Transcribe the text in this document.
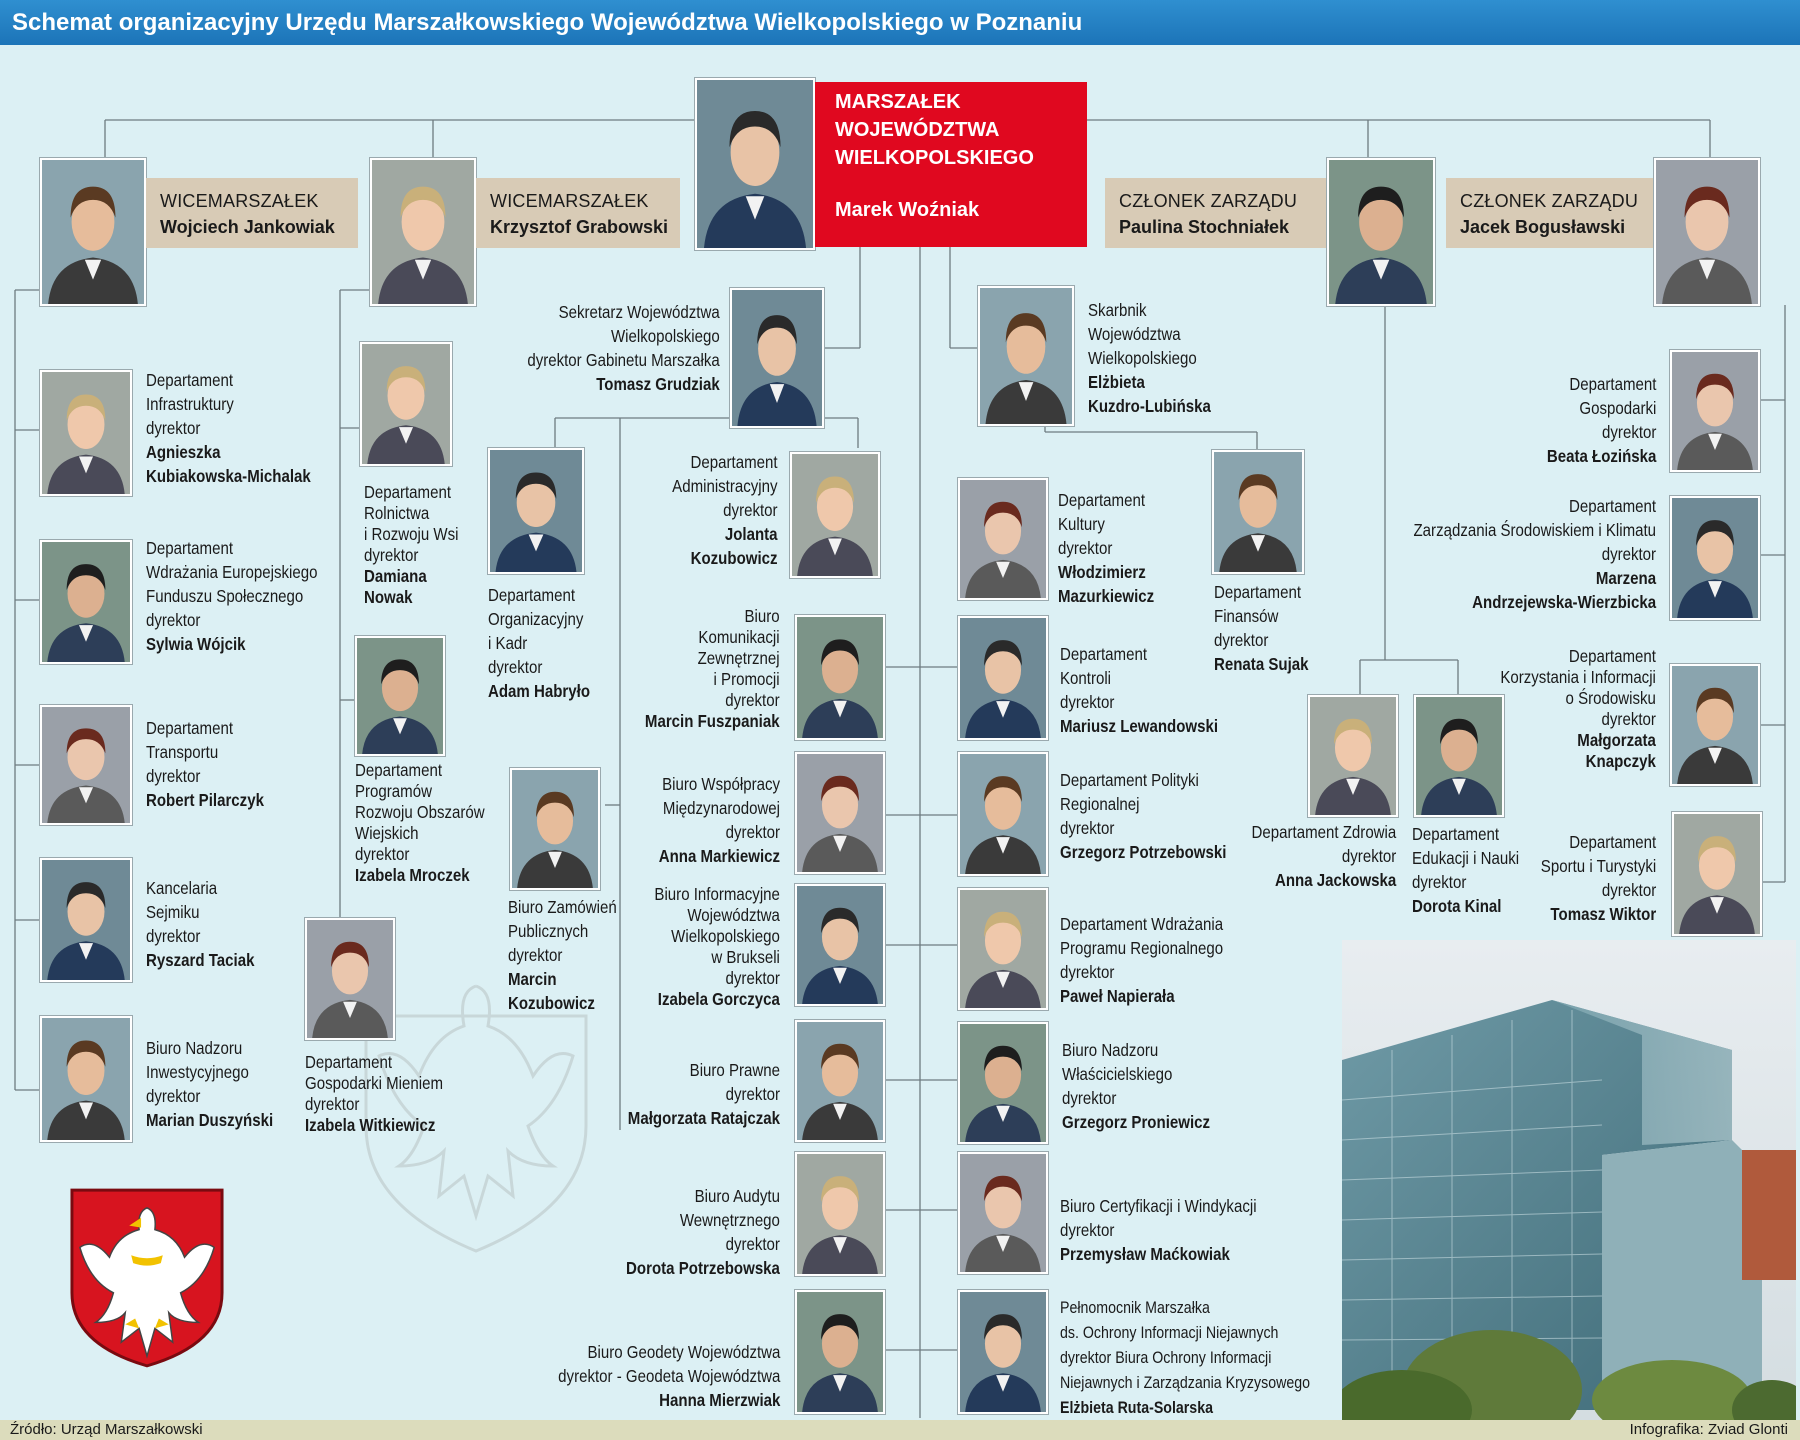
Schemat organizacyjny Urzędu Marszałkowskiego Województwa Wielkopolskiego w Poznaniu
MARSZAŁEK
WOJEWÓDZTWA
WIELKOPOLSKIEGO
Marek Woźniak
WICEMARSZAŁEK
Wojciech Jankowiak
WICEMARSZAŁEK
Krzysztof Grabowski
CZŁONEK ZARZĄDU
Paulina Stochniałek
CZŁONEK ZARZĄDU
Jacek Bogusławski
Sekretarz Województwa
Wielkopolskiego
dyrektor Gabinetu Marszałka
Tomasz Grudziak
Skarbnik
Województwa
Wielkopolskiego
Elżbieta
Kuzdro-Lubińska
Departament
Infrastruktury
dyrektor
Agnieszka
Kubiakowska-Michalak
Departament
Wdrażania Europejskiego
Funduszu Społecznego
dyrektor
Sylwia Wójcik
Departament
Transportu
dyrektor
Robert Pilarczyk
Kancelaria
Sejmiku
dyrektor
Ryszard Taciak
Biuro Nadzoru
Inwestycyjnego
dyrektor
Marian Duszyński
Departament
Rolnictwa
i Rozwoju Wsi
dyrektor
Damiana
Nowak
Departament
Programów
Rozwoju Obszarów
Wiejskich
dyrektor
Izabela Mroczek
Departament
Gospodarki Mieniem
dyrektor
Izabela Witkiewicz
Departament
Organizacyjny
i Kadr
dyrektor
Adam Habryło
Biuro Zamówień
Publicznych
dyrektor
Marcin
Kozubowicz
Departament
Administracyjny
dyrektor
Jolanta
Kozubowicz
Biuro
Komunikacji
Zewnętrznej
i Promocji
dyrektor
Marcin Fuszpaniak
Biuro Współpracy
Międzynarodowej
dyrektor
Anna Markiewicz
Biuro Informacyjne
Województwa
Wielkopolskiego
w Brukseli
dyrektor
Izabela Gorczyca
Biuro Prawne
dyrektor
Małgorzata Ratajczak
Biuro Audytu
Wewnętrznego
dyrektor
Dorota Potrzebowska
Biuro Geodety Województwa
dyrektor - Geodeta Województwa
Hanna Mierzwiak
Departament
Kultury
dyrektor
Włodzimierz
Mazurkiewicz
Departament
Kontroli
dyrektor
Mariusz Lewandowski
Departament Polityki
Regionalnej
dyrektor
Grzegorz Potrzebowski
Departament Wdrażania
Programu Regionalnego
dyrektor
Paweł Napierała
Biuro Nadzoru
Właścicielskiego
dyrektor
Grzegorz Proniewicz
Biuro Certyfikacji i Windykacji
dyrektor
Przemysław Maćkowiak
Pełnomocnik Marszałka
ds. Ochrony Informacji Niejawnych
dyrektor Biura Ochrony Informacji
Niejawnych i Zarządzania Kryzysowego
Elżbieta Ruta-Solarska
Departament
Finansów
dyrektor
Renata Sujak
Departament Zdrowia
dyrektor
Anna Jackowska
Departament
Edukacji i Nauki
dyrektor
Dorota Kinal
Departament
Gospodarki
dyrektor
Beata Łozińska
Departament
Zarządzania Środowiskiem i Klimatu
dyrektor
Marzena
Andrzejewska-Wierzbicka
Departament
Korzystania i Informacji
o Środowisku
dyrektor
Małgorzata
Knapczyk
Departament
Sportu i Turystyki
dyrektor
Tomasz Wiktor
Źródło: Urząd Marszałkowski	Infografika: Zviad Glonti
